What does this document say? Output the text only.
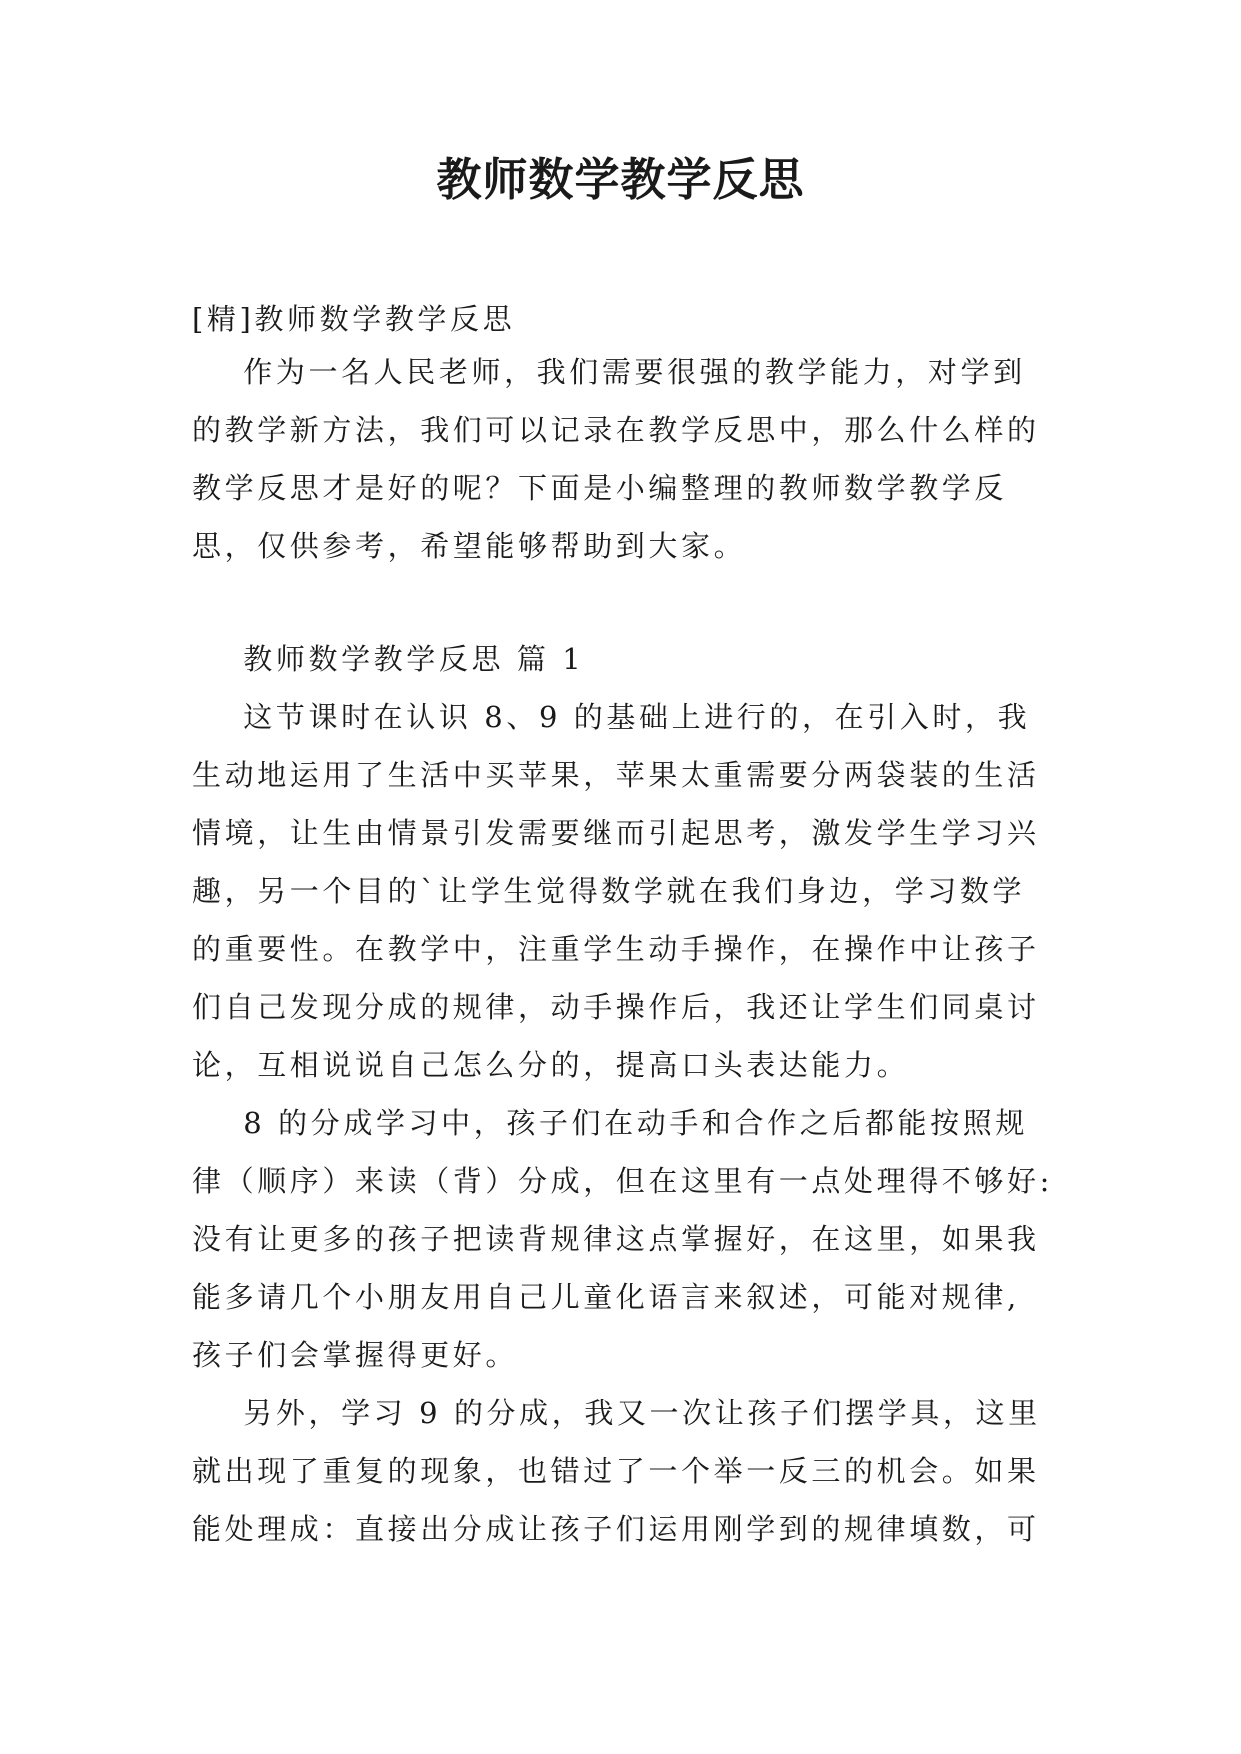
教师数学教学反思
[精]教师数学教学反思
作为一名人民老师，我们需要很强的教学能力，对学到
的教学新方法，我们可以记录在教学反思中，那么什么样的
教学反思才是好的呢？下面是小编整理的教师数学教学反
思，仅供参考，希望能够帮助到大家。
教师数学教学反思 篇 1
这节课时在认识 8、9 的基础上进行的，在引入时，我
生动地运用了生活中买苹果，苹果太重需要分两袋装的生活
情境，让生由情景引发需要继而引起思考，激发学生学习兴
趣，另一个目的`让学生觉得数学就在我们身边，学习数学
的重要性。在教学中，注重学生动手操作，在操作中让孩子
们自己发现分成的规律，动手操作后，我还让学生们同桌讨
论，互相说说自己怎么分的，提高口头表达能力。
8 的分成学习中，孩子们在动手和合作之后都能按照规
律（顺序）来读（背）分成，但在这里有一点处理得不够好:
没有让更多的孩子把读背规律这点掌握好，在这里，如果我
能多请几个小朋友用自己儿童化语言来叙述，可能对规律,
孩子们会掌握得更好。
另外，学习 9 的分成，我又一次让孩子们摆学具，这里
就出现了重复的现象，也错过了一个举一反三的机会。如果
能处理成：直接出分成让孩子们运用刚学到的规律填数，可
